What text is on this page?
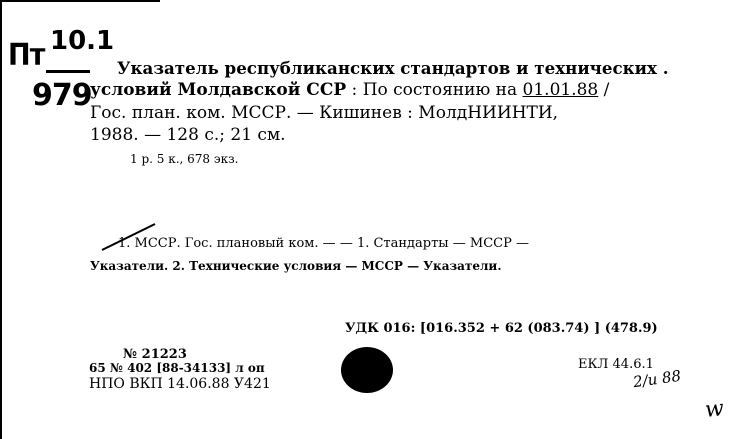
Пт 10.1
979
Указатель республиканских стандартов и технических .
условий Молдавской ССР : По состоянию на 01.01.88 /
Гос. план. ком. МССР. — Кишинев : МолдНИИНТИ,
1988. — 128 с.; 21 см.
1 р. 5 к., 678 экз.
1. МССР. Гос. плановый ком. — — 1. Стандарты — МССР —
Указатели. 2. Технические условия — МССР — Указатели.
УДК 016: [016.352 + 62 (083.74) ] (478.9)
№ 21223
65 № 402 [88-34133] л оп
НПО ВКП 14.06.88 У421
ЕКЛ 44.6.1
2/и 88
w
